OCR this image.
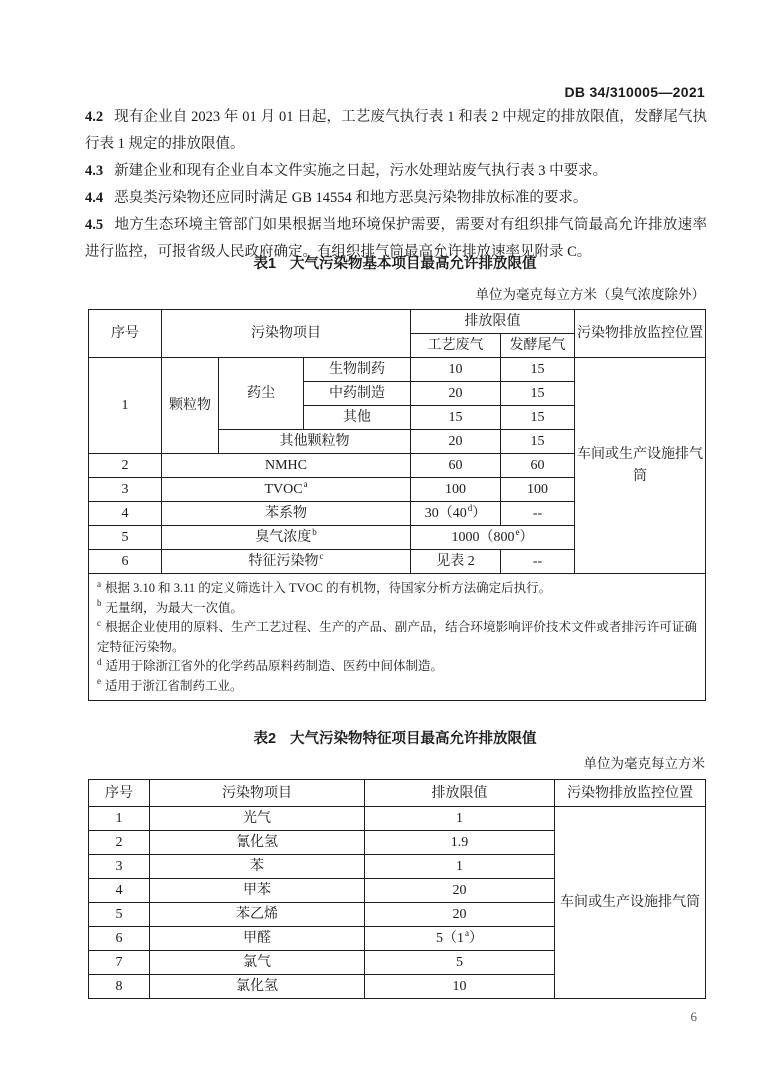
DB 34/310005—2021

4.2 现有企业自 2023 年 01 月 01 日起，工艺废气执行表 1 和表 2 中规定的排放限值，发酵尾气执行表 1 规定的排放限值。

4.3 新建企业和现有企业自本文件实施之日起，污水处理站废气执行表 3 中要求。

4.4 恶臭类污染物还应同时满足 GB 14554 和地方恶臭污染物排放标准的要求。

4.5 地方生态环境主管部门如果根据当地环境保护需要，需要对有组织排气筒最高允许排放速率进行监控，可报省级人民政府确定。有组织排气筒最高允许排放速率见附录 C。

表1 大气污染物基本项目最高允许排放限值
单位为毫克每立方米（臭气浓度除外）
序号	污染物项目			排放限值		污染物排放监控位置
				工艺废气	发酵尾气	
1	颗粒物	药尘	生物制药	10	15	车间或生产设施排气筒
			中药制造	20	15	
			其他	15	15	
		其他颗粒物		20	15	
2	NMHC			60	60	
3	TVOC$^a$			100	100	
4	苯系物			30（40$^d$）	--	
5	臭气浓度$^b$			1000（800e）		
6	特征污染物$^c$			见表 2	--	

$^a$ 根据 3.10 和 3.11 的定义筛选计入 TVOC 的有机物，待国家分析方法确定后执行。
$^b$ 无量纲，为最大一次值。
$^c$ 根据企业使用的原料、生产工艺过程、生产的产品、副产品，结合环境影响评价技术文件或者排污许可证确定特征污染物。
$^d$ 适用于除浙江省外的化学药品原料药制造、医药中间体制造。
$^e$ 适用于浙江省制药工业。						
表2 大气污染物特征项目最高允许排放限值
单位为毫克每立方米
序号	污染物项目	排放限值	污染物排放监控位置
1	光气	1	车间或生产设施排气筒
2	氰化氢	1.9	
3	苯	1	
4	甲苯	20	
5	苯乙烯	20	
6	甲醛	5（1$^a$）	
7	氯气	5	
8	氯化氢	10	
6
